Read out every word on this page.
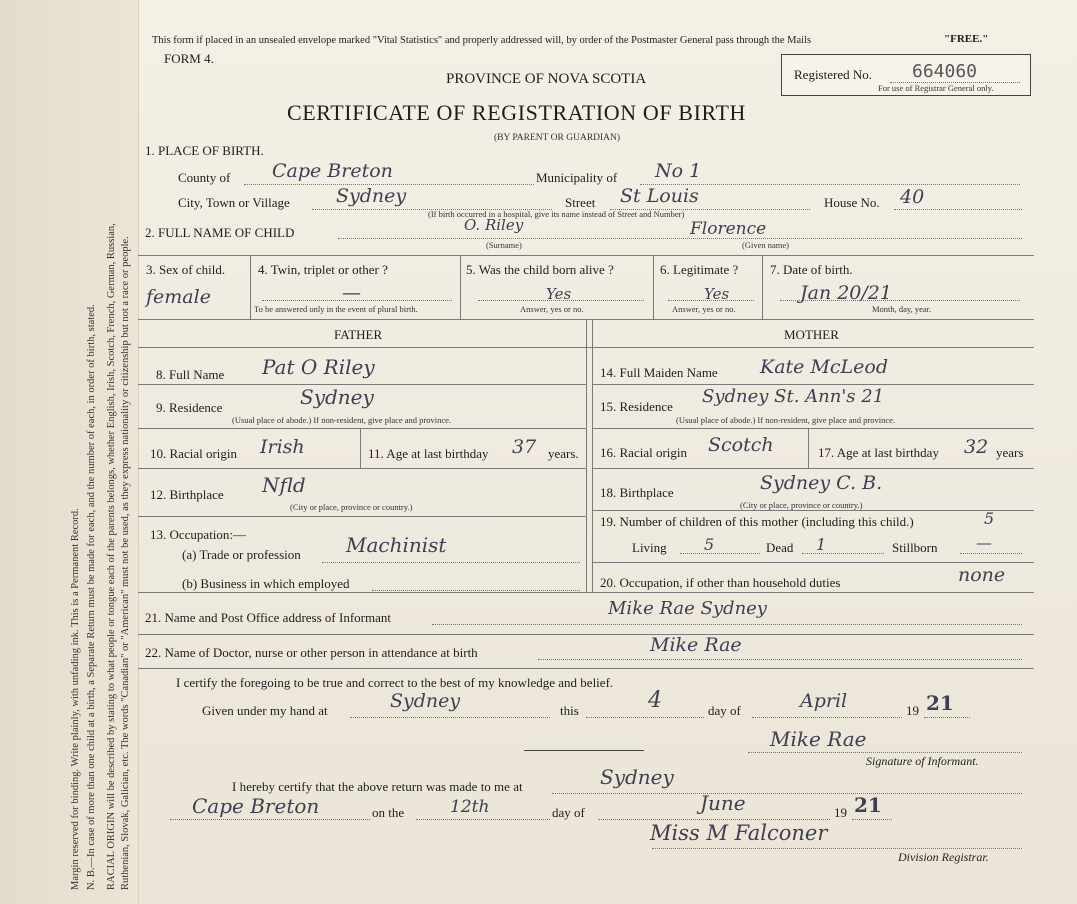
Margin reserved for binding. Write plainly, with unfading ink. This is a Permanent Record. N. B.—In case of more than one child at a birth, a Separate Return must be made for each, and the number of each, in order of birth, stated. RACIAL ORIGIN will be described by stating to what people or tongue each of the parents belongs, whether English, Irish, Scotch, French, German, Russian, Ruthenian, Slovak, Galician, etc. The words "Canadian" or "American" must not be used, as they express nationality or citizenship but not a race or people.
This form if placed in an unsealed envelope marked "Vital Statistics" and properly addressed will, by order of the Postmaster General pass through the Mails	"FREE."
FORM 4.
PROVINCE OF NOVA SCOTIA
CERTIFICATE OF REGISTRATION OF BIRTH
(BY PARENT OR GUARDIAN)
Registered No. 664060
For use of Registrar General only.
1. PLACE OF BIRTH.
County of Cape Breton	Municipality of No 1
City, Town or Village Sydney	Street St Louis	House No. 40
(If birth occurred in a hospital, give its name instead of Street and Number)
2. FULL NAME OF CHILD	O. Riley	Florence
(Surname)	(Given name)
3. Sex of child.
female
4. Twin, triplet or other ?
—
To be answered only in the event of plural birth.
5. Was the child born alive ?
Yes
Answer, yes or no.
6. Legitimate ?
Yes
Answer, yes or no.
7. Date of birth.
Jan 20/21
Month, day, year.
FATHER	MOTHER
8. Full Name Pat O Riley
9. Residence	Sydney
(Usual place of abode.) If non-resident, give place and province.
10. Racial origin Irish	11. Age at last birthday 37 years.
12. Birthplace Nfld
(City or place, province or country.)
13. Occupation:—
(a) Trade or profession Machinist
(b) Business in which employed
14. Full Maiden Name Kate McLeod
15. Residence Sydney St. Ann's 21
(Usual place of abode.) If non-resident, give place and province.
16. Racial origin Scotch	17. Age at last birthday 32 years
18. Birthplace	Sydney C. B.
(City or place, province or country.)
19. Number of children of this mother (including this child.)	5
Living 5	Dead 1	Stillborn —
20. Occupation, if other than household duties	none
21. Name and Post Office address of Informant	Mike Rae Sydney
22. Name of Doctor, nurse or other person in attendance at birth	Mike Rae
I certify the foregoing to be true and correct to the best of my knowledge and belief.
Given under my hand at	Sydney	this	4	day of	April	19 21
Mike Rae
Signature of Informant.
I hereby certify that the above return was made to me at	Sydney
Cape Breton	on the	12th	day of	June	19 21
Miss M Falconer
Division Registrar.
